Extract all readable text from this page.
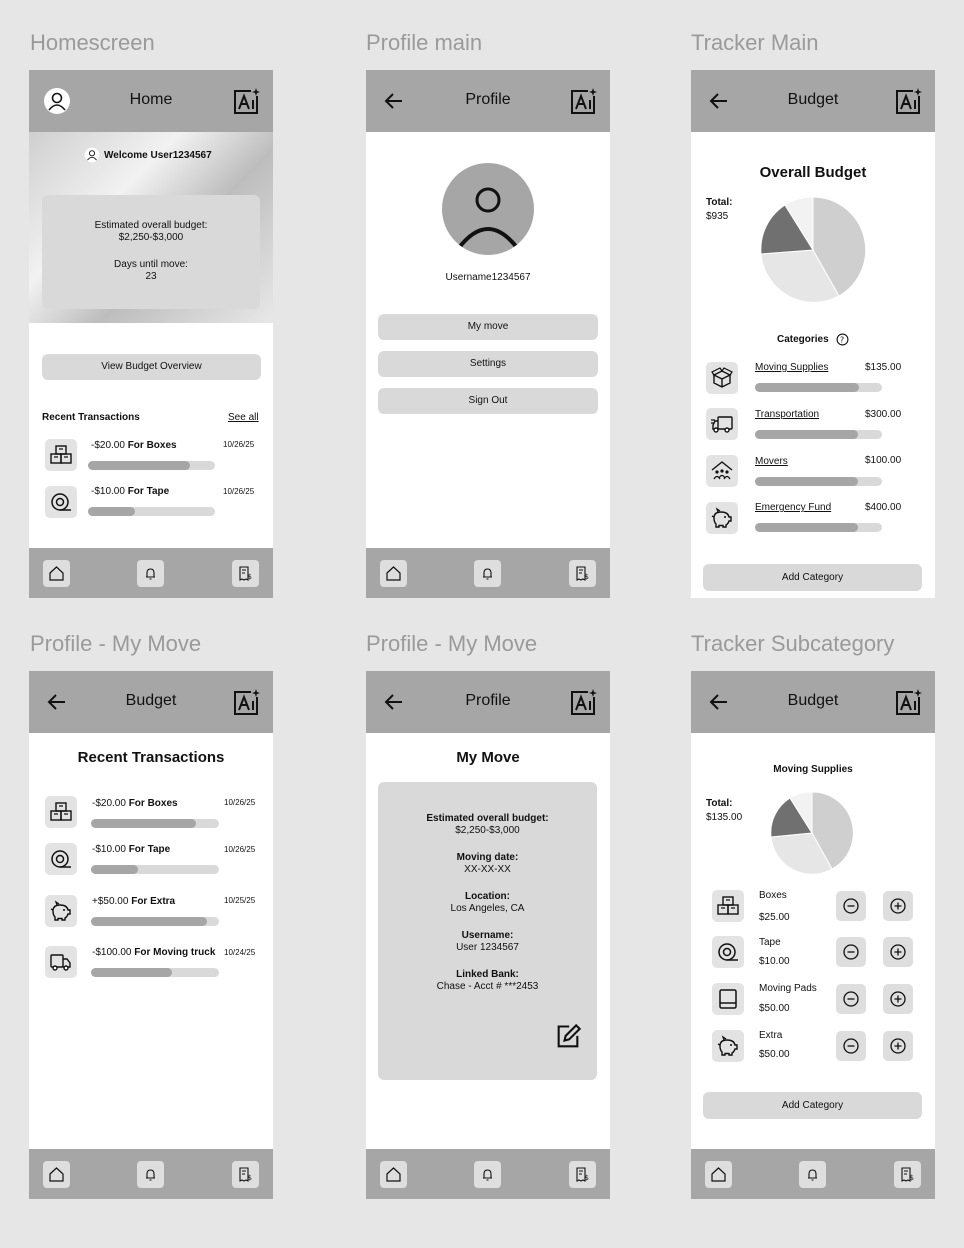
Homescreen	Profile main	Tracker Main
Profile - My Move	Profile - My Move	Tracker Subcategory
Home
Welcome User1234567
Estimated overall budget:
$2,250-$3,000
Days until move:
23
View Budget Overview
Recent Transactions	See all
-$20.00 For Boxes	10/26/25
-$10.00 For Tape	10/26/25
Profile
Username1234567
My move
Settings
Sign Out
Budget
Overall Budget
Total:
$935
Categories
Moving Supplies	$135.00
Transportation	$300.00
Movers	$100.00
Emergency Fund	$400.00
Add Category
Budget
Recent Transactions
-$20.00 For Boxes	10/26/25
-$10.00 For Tape	10/26/25
+$50.00 For Extra	10/25/25
-$100.00 For Moving truck 10/24/25
Profile
My Move
Estimated overall budget:
$2,250-$3,000
Moving date:
XX-XX-XX
Location:
Los Angeles, CA
Username:
User 1234567
Linked Bank:
Chase - Acct # ***2453
Budget
Moving Supplies
Total:
$135.00
Boxes
$25.00
Tape
$10.00
Moving Pads
$50.00
Extra
$50.00
Add Category
